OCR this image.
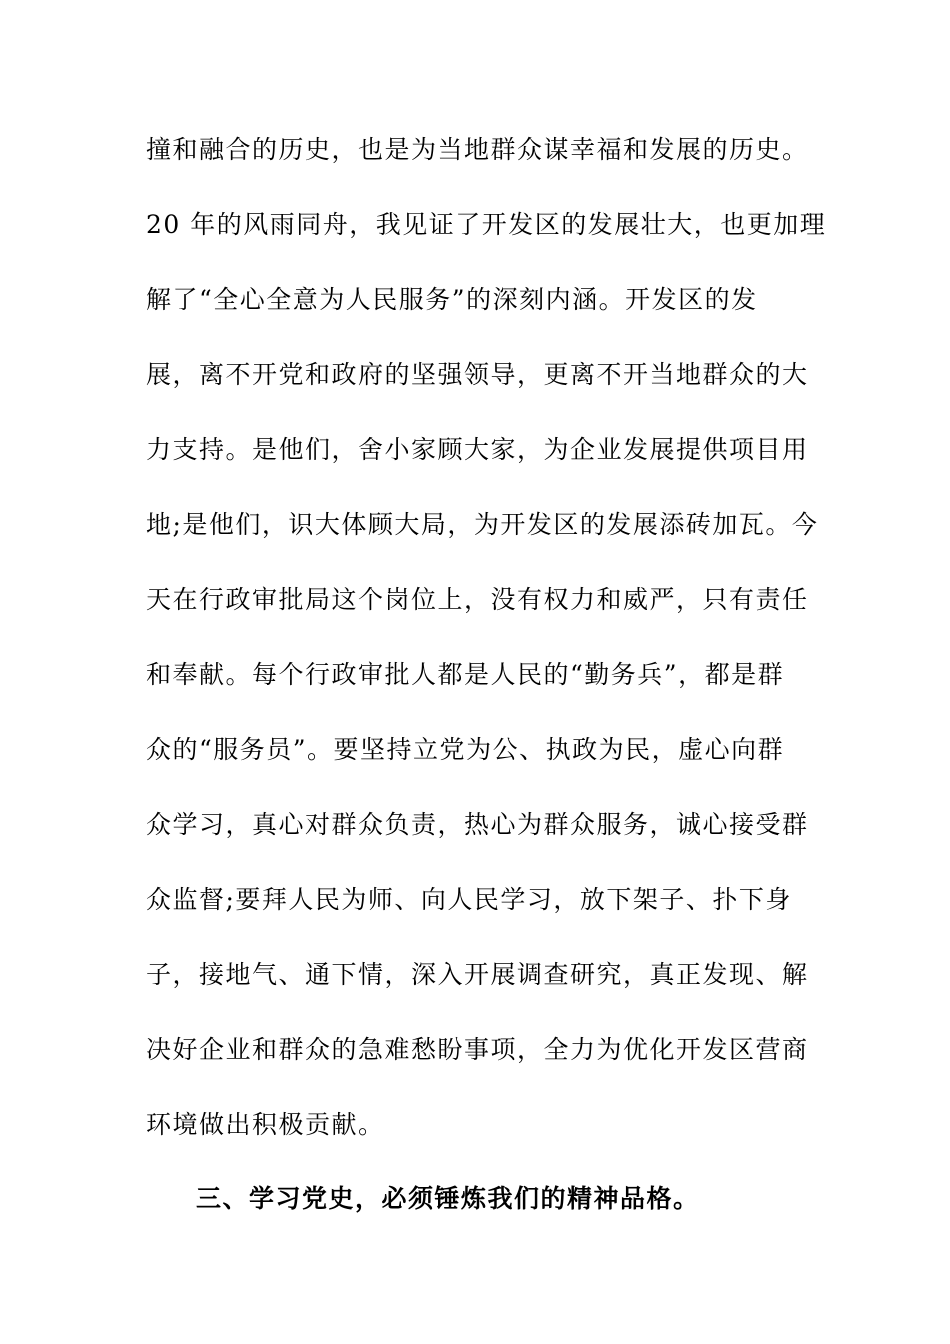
撞和融合的历史，也是为当地群众谋幸福和发展的历史。
20 年的风雨同舟，我见证了开发区的发展壮大，也更加理
解了“全心全意为人民服务”的深刻内涵。开发区的发
展，离不开党和政府的坚强领导，更离不开当地群众的大
力支持。是他们，舍小家顾大家，为企业发展提供项目用
地;是他们，识大体顾大局，为开发区的发展添砖加瓦。今
天在行政审批局这个岗位上，没有权力和威严，只有责任
和奉献。每个行政审批人都是人民的“勤务兵”，都是群
众的“服务员”。要坚持立党为公、执政为民，虚心向群
众学习，真心对群众负责，热心为群众服务，诚心接受群
众监督;要拜人民为师、向人民学习，放下架子、扑下身
子，接地气、通下情，深入开展调查研究，真正发现、解
决好企业和群众的急难愁盼事项，全力为优化开发区营商
环境做出积极贡献。
三、学习党史，必须锤炼我们的精神品格。
